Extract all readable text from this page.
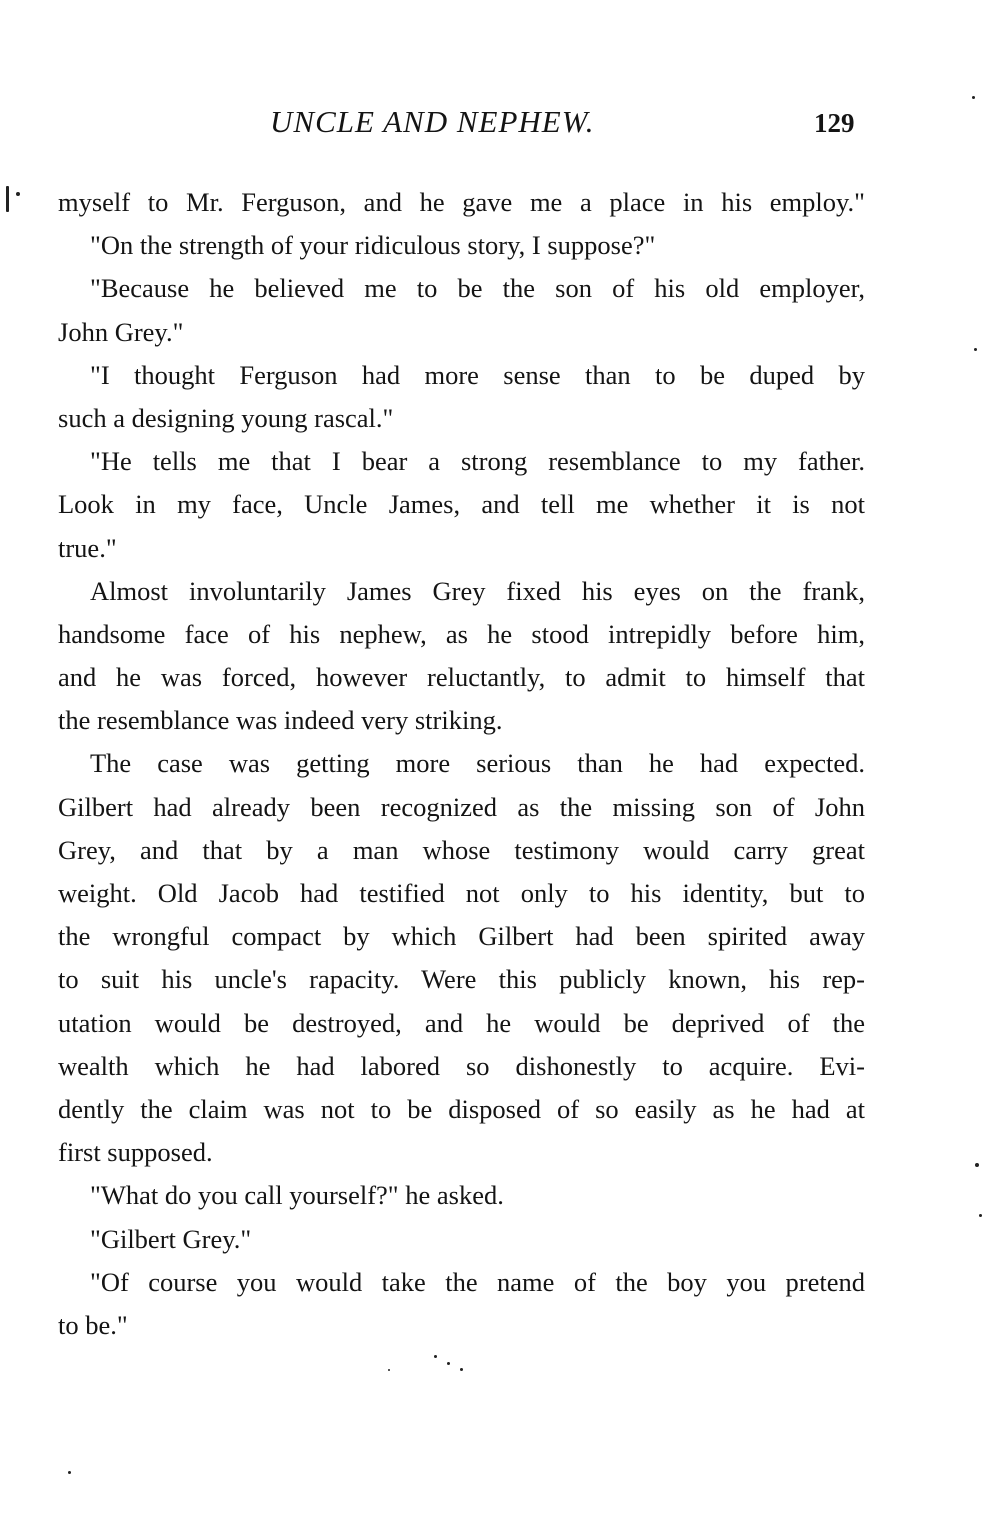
UNCLE AND NEPHEW.	129
myself to Mr. Ferguson, and he gave me a place in his employ."
"On the strength of your ridiculous story, I suppose?"
"Because he believed me to be the son of his old employer,
John Grey."
"I thought Ferguson had more sense than to be duped by
such a designing young rascal."
"He tells me that I bear a strong resemblance to my father.
Look in my face, Uncle James, and tell me whether it is not
true."
Almost involuntarily James Grey fixed his eyes on the frank,
handsome face of his nephew, as he stood intrepidly before him,
and he was forced, however reluctantly, to admit to himself that
the resemblance was indeed very striking.
The case was getting more serious than he had expected.
Gilbert had already been recognized as the missing son of John
Grey, and that by a man whose testimony would carry great
weight. Old Jacob had testified not only to his identity, but to
the wrongful compact by which Gilbert had been spirited away
to suit his uncle's rapacity. Were this publicly known, his rep-
utation would be destroyed, and he would be deprived of the
wealth which he had labored so dishonestly to acquire. Evi-
dently the claim was not to be disposed of so easily as he had at
first supposed.
"What do you call yourself?" he asked.
"Gilbert Grey."
"Of course you would take the name of the boy you pretend
to be."
